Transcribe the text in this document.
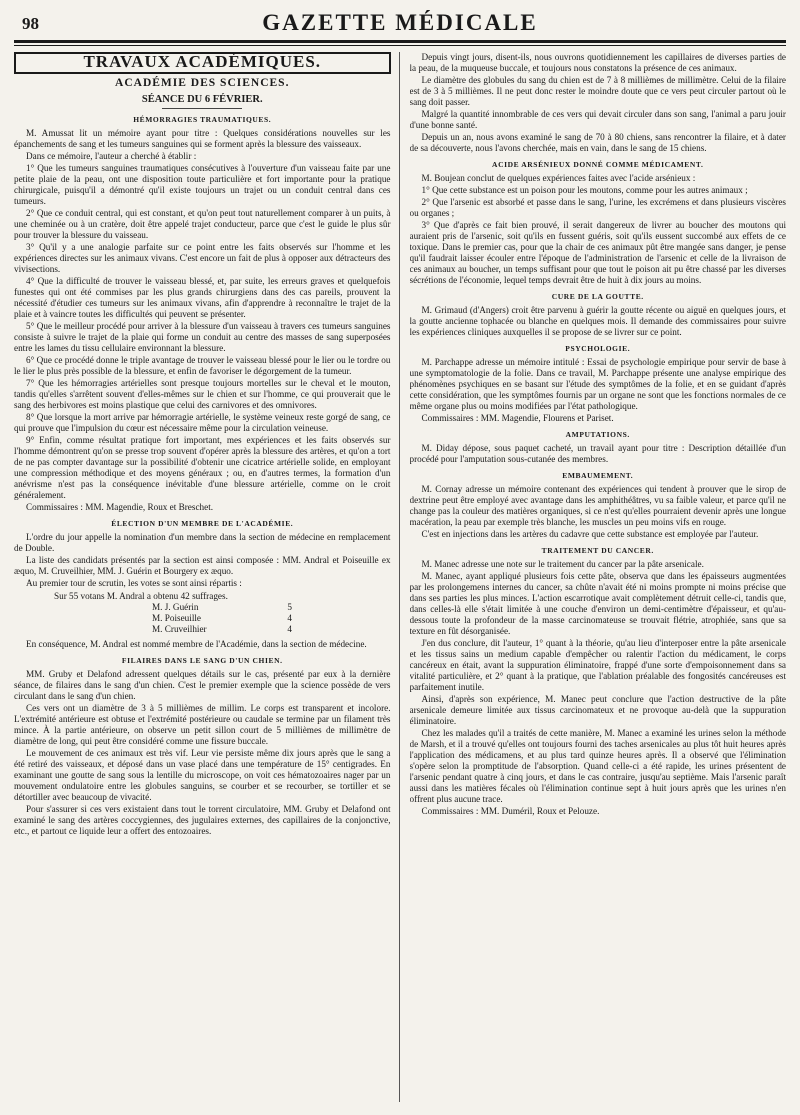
98	GAZETTE MÉDICALE
TRAVAUX ACADÉMIQUES.
ACADÉMIE DES SCIENCES.
SÉANCE DU 6 FÉVRIER.
HÉMORRAGIES TRAUMATIQUES.

M. Amussat lit un mémoire ayant pour titre : Quelques considérations nouvelles sur les épanchements de sang et les tumeurs sanguines qui se forment après la blessure des vaisseaux.

Dans ce mémoire, l'auteur a cherché à établir :

1° Que les tumeurs sanguines traumatiques consécutives à l'ouverture d'un vaisseau faite par une petite plaie de la peau, ont une disposition toute particulière et fort importante pour la pratique chirurgicale, puisqu'il a démontré qu'il existe toujours un trajet ou un conduit central dans ces tumeurs.

2° Que ce conduit central, qui est constant, et qu'on peut tout naturellement comparer à un puits, à une cheminée ou à un cratère, doit être appelé trajet conducteur, parce que c'est le guide le plus sûr pour trouver la blessure du vaisseau.

3° Qu'il y a une analogie parfaite sur ce point entre les faits observés sur l'homme et les expériences directes sur les animaux vivans. C'est encore un fait de plus à opposer aux détracteurs des vivisections.

4° Que la difficulté de trouver le vaisseau blessé, et, par suite, les erreurs graves et quelquefois funestes qui ont été commises par les plus grands chirurgiens dans des cas pareils, prouvent la nécessité d'étudier ces tumeurs sur les animaux vivans, afin d'apprendre à reconnaître le trajet de la plaie et à vaincre toutes les difficultés qui peuvent se présenter.

5° Que le meilleur procédé pour arriver à la blessure d'un vaisseau à travers ces tumeurs sanguines consiste à suivre le trajet de la plaie qui forme un conduit au centre des masses de sang superposées entre les lames du tissu cellulaire environnant la blessure.

6° Que ce procédé donne le triple avantage de trouver le vaisseau blessé pour le lier ou le tordre ou le lier le plus près possible de la blessure, et enfin de favoriser le dégorgement de la tumeur.

7° Que les hémorragies artérielles sont presque toujours mortelles sur le cheval et le mouton, tandis qu'elles s'arrêtent souvent d'elles-mêmes sur le chien et sur l'homme, ce qui prouverait que le sang des herbivores est moins plastique que celui des carnivores et des omnivores.

8° Que lorsque la mort arrive par hémorragie artérielle, le système veineux reste gorgé de sang, ce qui prouve que l'impulsion du cœur est nécessaire même pour la circulation veineuse.

9° Enfin, comme résultat pratique fort important, mes expériences et les faits observés sur l'homme démontrent qu'on se presse trop souvent d'opérer après la blessure des artères, et qu'on a tort de ne pas compter davantage sur la possibilité d'obtenir une cicatrice artérielle solide, en employant une compression méthodique et des moyens généraux ; ou, en d'autres termes, la formation d'un anévrisme n'est pas la conséquence inévitable d'une blessure artérielle, comme on le croit généralement.

Commissaires : MM. Magendie, Roux et Breschet.

ÉLECTION D'UN MEMBRE DE L'ACADÉMIE.

L'ordre du jour appelle la nomination d'un membre dans la section de médecine en remplacement de Double.

La liste des candidats présentés par la section est ainsi composée : MM. Andral et Poiseuille ex æquo, M. Cruveilhier, MM. J. Guérin et Bourgery ex æquo.

Au premier tour de scrutin, les votes se sont ainsi répartis :

Sur 55 votans M. Andral a obtenu
42
suffrages.
M. J. Guérin	5
M. Poiseuille	4
M. Cruveilhier	4

En conséquence, M. Andral est nommé membre de l'Académie, dans la section de médecine.

FILAIRES DANS LE SANG D'UN CHIEN.

MM. Gruby et Delafond adressent quelques détails sur le cas, présenté par eux à la dernière séance, de filaires dans le sang d'un chien. C'est le premier exemple que la science possède de vers circulant dans le sang d'un chien.

Ces vers ont un diamètre de 3 à 5 millièmes de millim. Le corps est transparent et incolore. L'extrémité antérieure est obtuse et l'extrémité postérieure ou caudale se termine par un filament très mince. À la partie antérieure, on observe un petit sillon court de 5 millièmes de millimètre de diamètre de long, qui peut être considéré comme une fissure buccale.

Le mouvement de ces animaux est très vif. Leur vie persiste même dix jours après que le sang a été retiré des vaisseaux, et déposé dans un vase placé dans une température de 15° centigrades. En examinant une goutte de sang sous la lentille du microscope, on voit ces hématozoaires nager par un mouvement ondulatoire entre les globules sanguins, se courber et se recourber, se tortiller et se détortiller avec beaucoup de vivacité.

Pour s'assurer si ces vers existaient dans tout le torrent circulatoire, MM. Gruby et Delafond ont examiné le sang des artères coccygiennes, des jugulaires externes, des capillaires de la conjonctive, etc., et partout ce liquide leur a offert des entozoaires.

Depuis vingt jours, disent-ils, nous ouvrons quotidiennement les capillaires de diverses parties de la peau, de la muqueuse buccale, et toujours nous constatons la présence de ces animaux.

Le diamètre des globules du sang du chien est de 7 à 8 millièmes de millimètre. Celui de la filaire est de 3 à 5 millièmes. Il ne peut donc rester le moindre doute que ce vers peut circuler partout où le sang doit passer.

Malgré la quantité innombrable de ces vers qui devait circuler dans son sang, l'animal a paru jouir d'une bonne santé.

Depuis un an, nous avons examiné le sang de 70 à 80 chiens, sans rencontrer la filaire, et à dater de sa découverte, nous l'avons cherchée, mais en vain, dans le sang de 15 chiens.

ACIDE ARSÉNIEUX DONNÉ COMME MÉDICAMENT.

M. Boujean conclut de quelques expériences faites avec l'acide arsénieux :

1° Que cette substance est un poison pour les moutons, comme pour les autres animaux ;

2° Que l'arsenic est absorbé et passe dans le sang, l'urine, les excrémens et dans plusieurs viscères ou organes ;

3° Que d'après ce fait bien prouvé, il serait dangereux de livrer au boucher des moutons qui auraient pris de l'arsenic, soit qu'ils en fussent guéris, soit qu'ils eussent succombé aux effets de ce toxique. Dans le premier cas, pour que la chair de ces animaux pût être mangée sans danger, je pense qu'il faudrait laisser écouler entre l'époque de l'administration de l'arsenic et celle de la livraison de ces animaux au boucher, un temps suffisant pour que tout le poison ait pu être chassé par les diverses sécrétions de l'économie, lequel temps devrait être de huit à dix jours au moins.

CURE DE LA GOUTTE.

M. Grimaud (d'Angers) croit être parvenu à guérir la goutte récente ou aiguë en quelques jours, et la goutte ancienne tophacée ou blanche en quelques mois. Il demande des commissaires pour suivre les expériences cliniques auxquelles il se propose de se livrer sur ce point.

PSYCHOLOGIE.

M. Parchappe adresse un mémoire intitulé : Essai de psychologie empirique pour servir de base à une symptomatologie de la folie. Dans ce travail, M. Parchappe présente une analyse empirique des phénomènes psychiques en se basant sur l'étude des symptômes de la folie, et en se guidant d'après cette considération, que les symptômes fournis par un organe ne sont que les fonctions normales de ce même organe plus ou moins modifiées par l'état pathologique.

Commissaires : MM. Magendie, Flourens et Pariset.

AMPUTATIONS.

M. Diday dépose, sous paquet cacheté, un travail ayant pour titre : Description détaillée d'un procédé pour l'amputation sous-cutanée des membres.

EMBAUMEMENT.

M. Cornay adresse un mémoire contenant des expériences qui tendent à prouver que le sirop de dextrine peut être employé avec avantage dans les amphithéâtres, vu sa faible valeur, et parce qu'il ne change pas la couleur des matières organiques, si ce n'est qu'elles pourraient devenir après une longue macération, la peau par exemple très blanche, les muscles un peu moins vifs en rouge.

C'est en injections dans les artères du cadavre que cette substance est employée par l'auteur.

TRAITEMENT DU CANCER.

M. Manec adresse une note sur le traitement du cancer par la pâte arsenicale.

M. Manec, ayant appliqué plusieurs fois cette pâte, observa que dans les épaisseurs augmentées par les prolongemens internes du cancer, sa chûte n'avait été ni moins prompte ni moins précise que dans ses parties les plus minces. L'action escarrotique avait complètement détruit celle-ci, tandis que, dans celles-là elle s'était limitée à une couche d'environ un demi-centimètre d'épaisseur, et qu'au-dessous toute la profondeur de la masse carcinomateuse se trouvait flétrie, atrophiée, sans que sa texture en fût désorganisée.

J'en dus conclure, dit l'auteur, 1° quant à la théorie, qu'au lieu d'interposer entre la pâte arsenicale et les tissus sains un medium capable d'empêcher ou ralentir l'action du médicament, le corps cancéreux en était, avant la suppuration éliminatoire, frappé d'une sorte d'empoisonnement dans sa vitalité particulière, et 2° quant à la pratique, que l'ablation préalable des fongosités cancéreuses est parfaitement inutile.

Ainsi, d'après son expérience, M. Manec peut conclure que l'action destructive de la pâte arsenicale demeure limitée aux tissus carcinomateux et ne provoque au-delà que la suppuration éliminatoire.

Chez les malades qu'il a traités de cette manière, M. Manec a examiné les urines selon la méthode de Marsh, et il a trouvé qu'elles ont toujours fourni des taches arsenicales au plus tôt huit heures après l'application des médicamens, et au plus tard quinze heures après. Il a observé que l'élimination s'opère selon la promptitude de l'absorption. Quand celle-ci a été rapide, les urines présentent de l'arsenic pendant quatre à cinq jours, et dans le cas contraire, jusqu'au septième. Mais l'arsenic paraît aussi dans les matières fécales où l'élimination continue sept à huit jours après que les urines n'en offrent plus aucune trace.

Commissaires : MM. Duméril, Roux et Pelouze.
